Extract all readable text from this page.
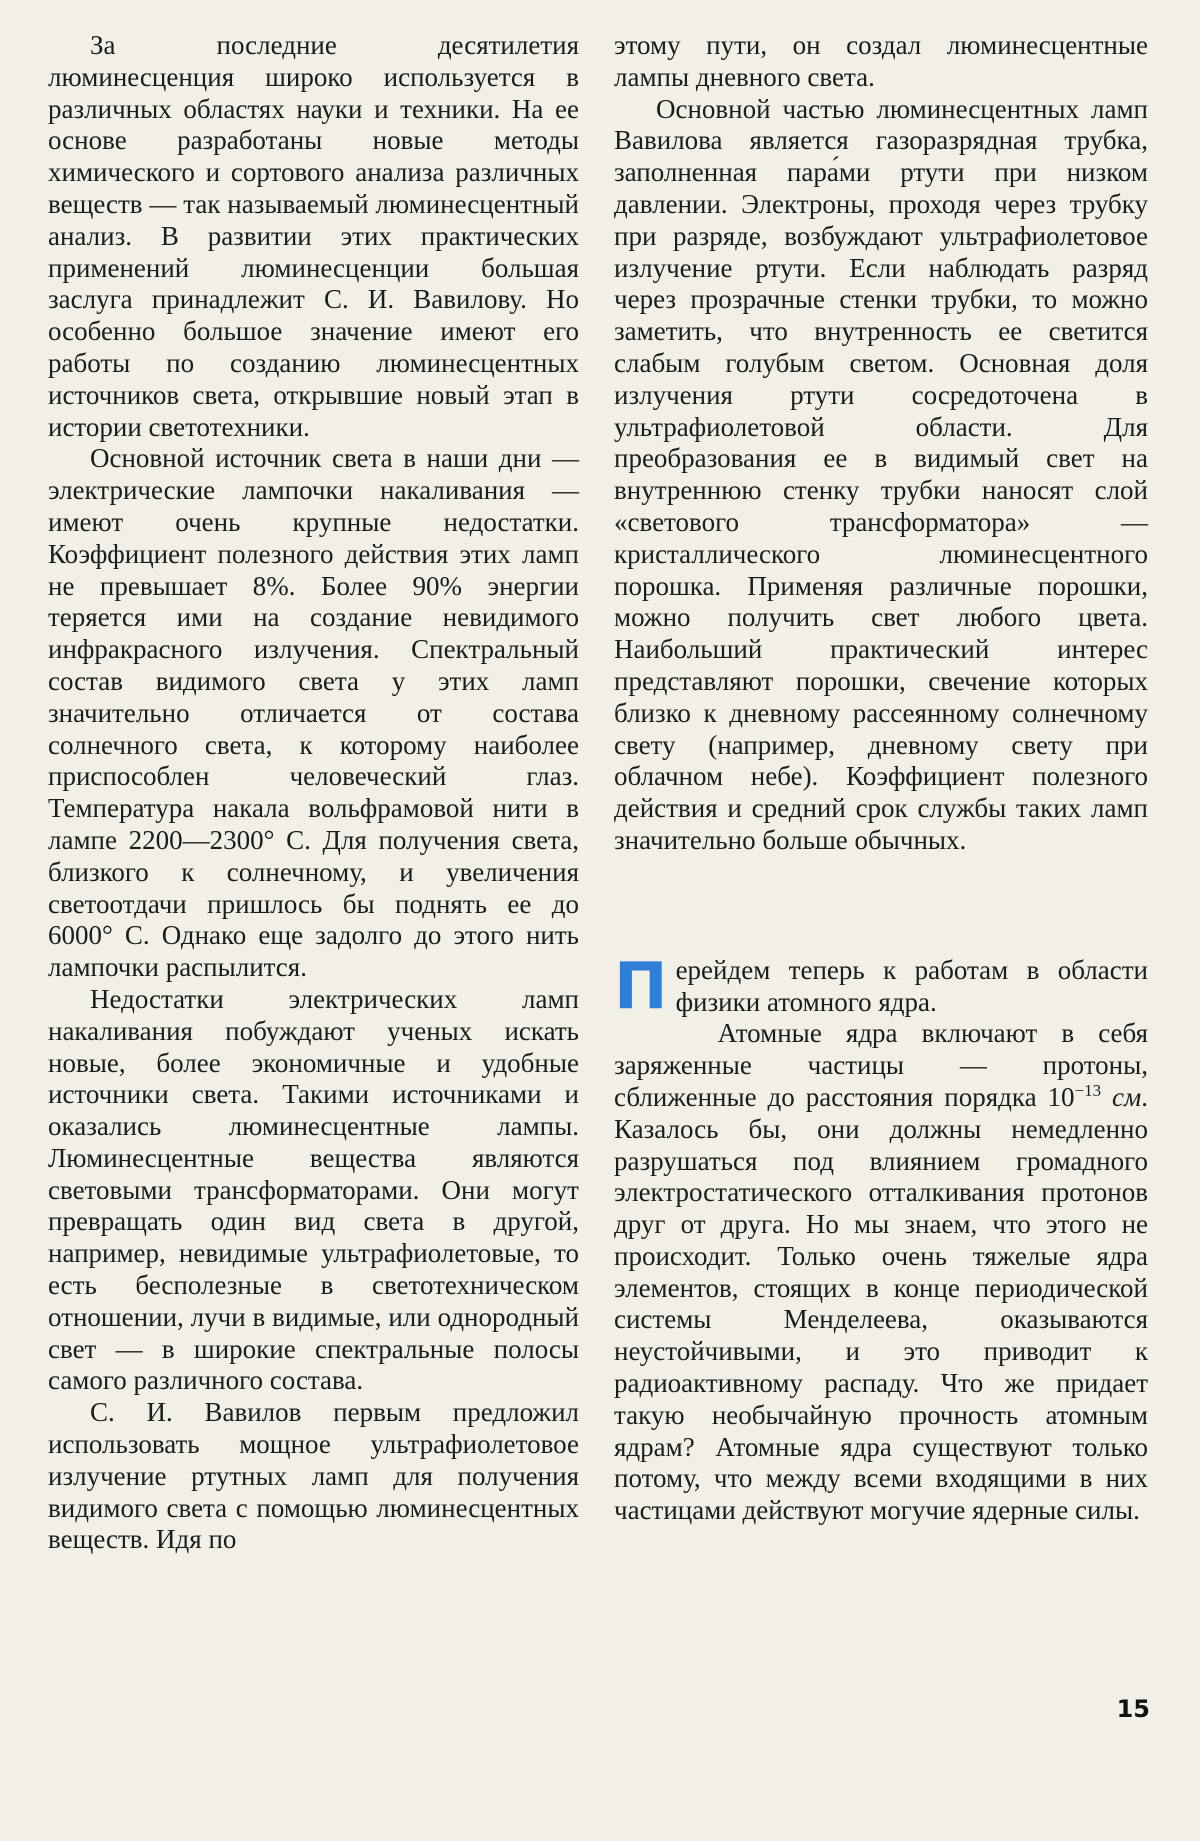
За последние десятилетия люминесценция широко используется в различных областях науки и техники. На ее основе разработаны новые методы химического и сортового анализа различных веществ — так называемый люминесцентный анализ. В развитии этих практических применений люминесценции большая заслуга принадлежит С. И. Вавилову. Но особенно большое значение имеют его работы по созданию люминесцентных источников света, открывшие новый этап в истории светотехники.

Основной источник света в наши дни — электрические лампочки накаливания — имеют очень крупные недостатки. Коэффициент полезного действия этих ламп не превышает 8%. Более 90% энергии теряется ими на создание невидимого инфракрасного излучения. Спектральный состав видимого света у этих ламп значительно отличается от состава солнечного света, к которому наиболее приспособлен человеческий глаз. Температура накала вольфрамовой нити в лампе 2200—2300° С. Для получения света, близкого к солнечному, и увеличения светоотдачи пришлось бы поднять ее до 6000° С. Однако еще задолго до этого нить лампочки распылится.

Недостатки электрических ламп накаливания побуждают ученых искать новые, более экономичные и удобные источники света. Такими источниками и оказались люминесцентные лампы. Люминесцентные вещества являются световыми трансформаторами. Они могут превращать один вид света в другой, например, невидимые ультрафиолетовые, то есть бесполезные в светотехническом отношении, лучи в видимые, или однородный свет — в широкие спектральные полосы самого различного состава.

С. И. Вавилов первым предложил использовать мощное ультрафиолетовое излучение ртутных ламп для получения видимого света с помощью люминесцентных веществ. Идя по

этому пути, он создал люминесцентные лампы дневного света.

Основной частью люминесцентных ламп Вавилова является газоразрядная трубка, заполненная пара́ми ртути при низком давлении. Электроны, проходя через трубку при разряде, возбуждают ультрафиолетовое излучение ртути. Если наблюдать разряд через прозрачные стенки трубки, то можно заметить, что внутренность ее светится слабым голубым светом. Основная доля излучения ртути сосредоточена в ультрафиолетовой области. Для преобразования ее в видимый свет на внутреннюю стенку трубки наносят слой «светового трансформатора» — кристаллического люминесцентного порошка. Применяя различные порошки, можно получить свет любого цвета. Наибольший практический интерес представляют порошки, свечение которых близко к дневному рассеянному солнечному свету (например, дневному свету при облачном небе). Коэффициент полезного действия и средний срок службы таких ламп значительно больше обычных.

Перейдем теперь к работам в области физики атомного ядра.

Атомные ядра включают в себя заряженные частицы — протоны, сближенные до расстояния порядка $10^{-13}$ см. Казалось бы, они должны немедленно разрушаться под влиянием громадного электростатического отталкивания протонов друг от друга. Но мы знаем, что этого не происходит. Только очень тяжелые ядра элементов, стоящих в конце периодической системы Менделеева, оказываются неустойчивыми, и это приводит к радиоактивному распаду. Что же придает такую необычайную прочность атомным ядрам? Атомные ядра существуют только потому, что между всеми входящими в них частицами действуют могучие ядерные силы.

15
